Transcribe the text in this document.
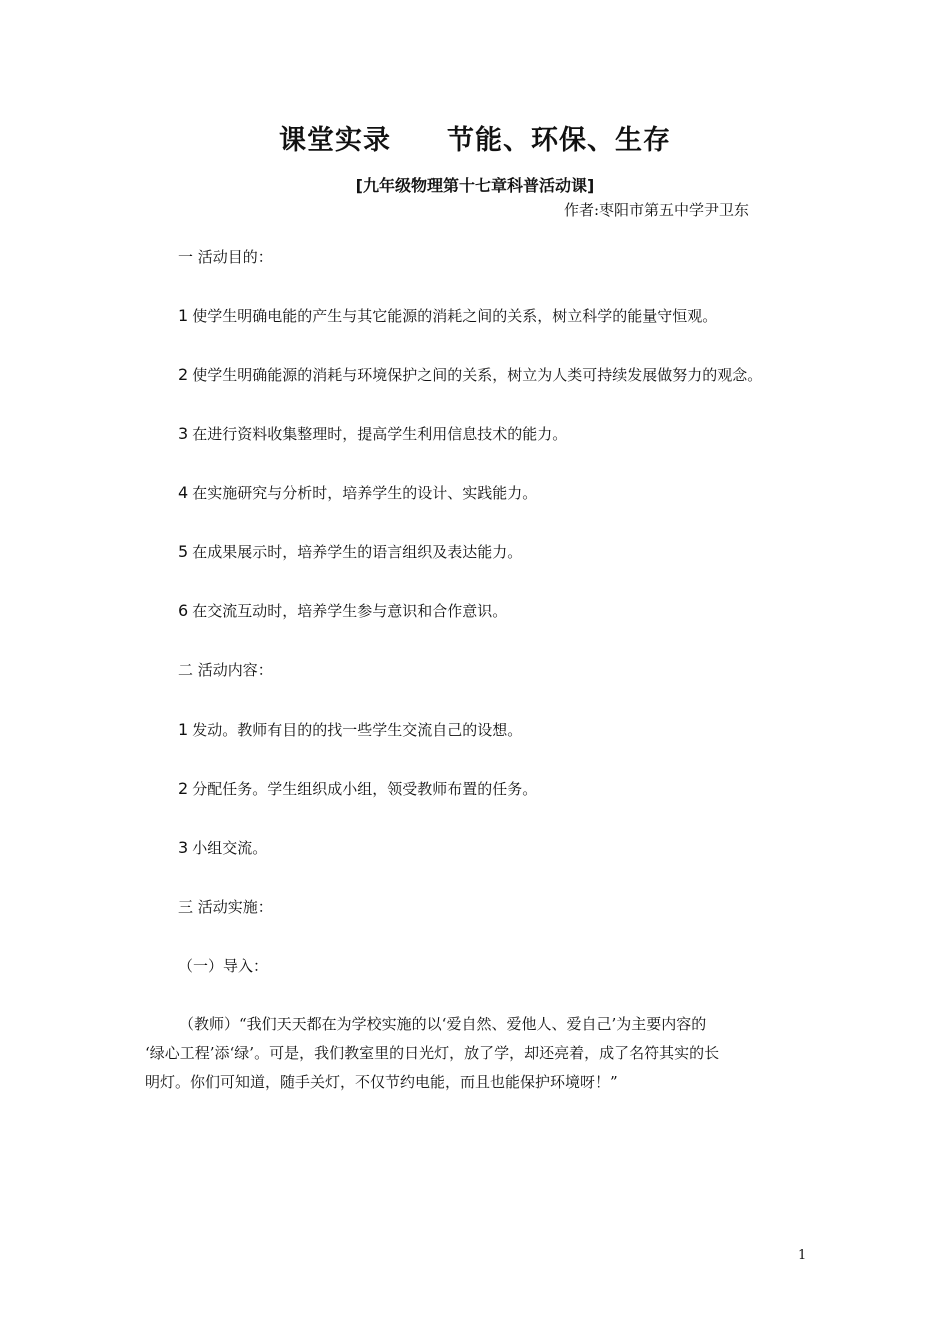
课堂实录　　节能、环保、生存
[九年级物理第十七章科普活动课]
作者:枣阳市第五中学尹卫东
一 活动目的：
1 使学生明确电能的产生与其它能源的消耗之间的关系，树立科学的能量守恒观。
2 使学生明确能源的消耗与环境保护之间的关系，树立为人类可持续发展做努力的观念。
3 在进行资料收集整理时，提高学生利用信息技术的能力。
4 在实施研究与分析时，培养学生的设计、实践能力。
5 在成果展示时，培养学生的语言组织及表达能力。
6 在交流互动时，培养学生参与意识和合作意识。
二 活动内容：
1 发动。教师有目的的找一些学生交流自己的设想。
2 分配任务。学生组织成小组，领受教师布置的任务。
3 小组交流。
三 活动实施：
（一）导入：
（教师）“我们天天都在为学校实施的以‘爱自然、爱他人、爱自己’为主要内容的
‘绿心工程’添‘绿’。可是，我们教室里的日光灯，放了学，却还亮着，成了名符其实的长
明灯。你们可知道，随手关灯，不仅节约电能，而且也能保护环境呀！”
1
